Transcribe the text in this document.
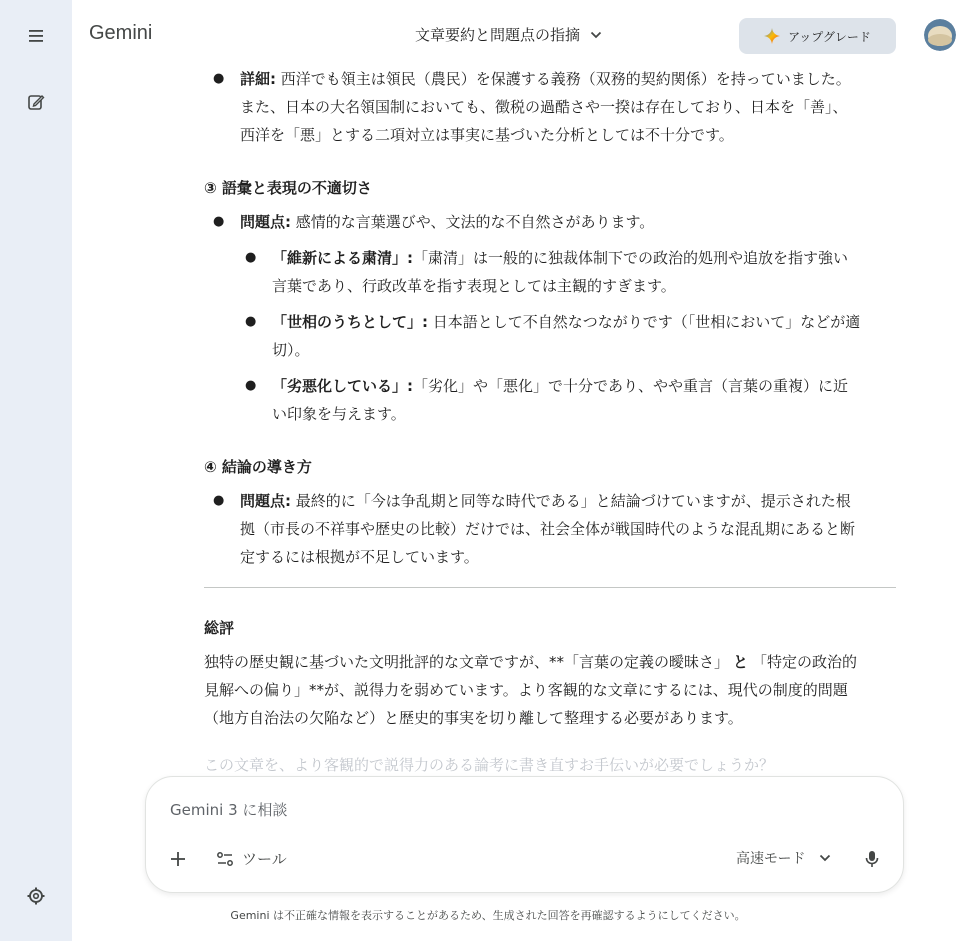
Gemini	文章要約と問題点の指摘	アップグレード
● 詳細: 西洋でも領主は領民（農民）を保護する義務（双務的契約関係）を持っていました。
また、日本の大名領国制においても、徴税の過酷さや一揆は存在しており、日本を「善」、
西洋を「悪」とする二項対立は事実に基づいた分析としては不十分です。
③ 語彙と表現の不適切さ
● 問題点: 感情的な言葉選びや、文法的な不自然さがあります。
● 「維新による粛清」:「粛清」は一般的に独裁体制下での政治的処刑や追放を指す強い
言葉であり、行政改革を指す表現としては主観的すぎます。
● 「世相のうちとして」: 日本語として不自然なつながりです（「世相において」などが適
切）。
● 「劣悪化している」:「劣化」や「悪化」で十分であり、やや重言（言葉の重複）に近
い印象を与えます。
④ 結論の導き方
● 問題点: 最終的に「今は争乱期と同等な時代である」と結論づけていますが、提示された根
拠（市長の不祥事や歴史の比較）だけでは、社会全体が戦国時代のような混乱期にあると断
定するには根拠が不足しています。
総評
独特の歴史観に基づいた文明批評的な文章ですが、**「言葉の定義の曖昧さ」 と 「特定の政治的
見解への偏り」**が、説得力を弱めています。より客観的な文章にするには、現代の制度的問題
（地方自治法の欠陥など）と歴史的事実を切り離して整理する必要があります。
この文章を、より客観的で説得力のある論考に書き直すお手伝いが必要でしょうか？
Gemini 3 に相談
ツール	高速モード
Gemini は不正確な情報を表示することがあるため、生成された回答を再確認するようにしてください。
